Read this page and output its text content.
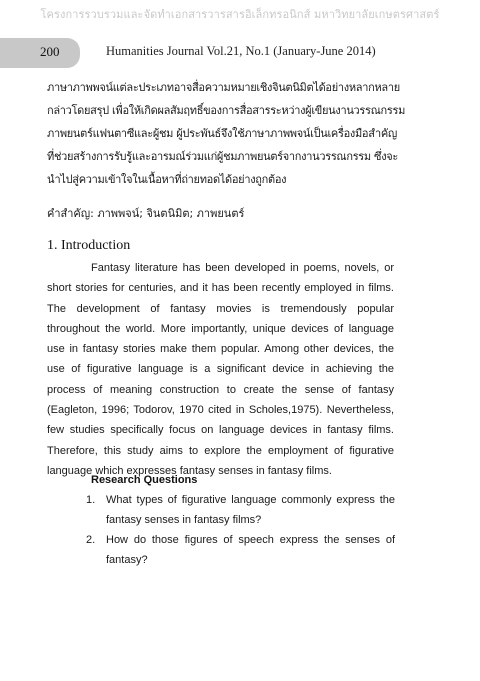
โครงการรวบรวมและจัดทำเอกสารวารสารอิเล็กทรอนิกส์ มหาวิทยาลัยเกษตรศาสตร์
200	Humanities Journal Vol.21, No.1 (January-June 2014)
ภาษาภาพพจน์แต่ละประเภทอาจสื่อความหมายเชิงจินตนิมิตได้อย่างหลากหลาย
กล่าวโดยสรุป เพื่อให้เกิดผลสัมฤทธิ์ของการสื่อสารระหว่างผู้เขียนงานวรรณกรรม
ภาพยนตร์แฟนตาซีและผู้ชม ผู้ประพันธ์จึงใช้ภาษาภาพพจน์เป็นเครื่องมือสำคัญ
ที่ช่วยสร้างการรับรู้และอารมณ์ร่วมแก่ผู้ชมภาพยนตร์จากงานวรรณกรรม ซึ่งจะ
นำไปสู่ความเข้าใจในเนื้อหาที่ถ่ายทอดได้อย่างถูกต้อง
คำสำคัญ: ภาพพจน์; จินตนิมิต; ภาพยนตร์
1. Introduction

Fantasy literature has been developed in poems, novels, or short stories for centuries, and it has been recently employed in films. The development of fantasy movies is tremendously popular throughout the world. More importantly, unique devices of language use in fantasy stories make them popular. Among other devices, the use of figurative language is a significant device in achieving the process of meaning construction to create the sense of fantasy (Eagleton, 1996; Todorov, 1970 cited in Scholes,1975). Nevertheless, few studies specifically focus on language devices in fantasy films. Therefore, this study aims to explore the employment of figurative language which expresses fantasy senses in fantasy films.

Research Questions
1. What types of figurative language commonly express the fantasy senses in fantasy films?
2. How do those figures of speech express the senses of fantasy?
